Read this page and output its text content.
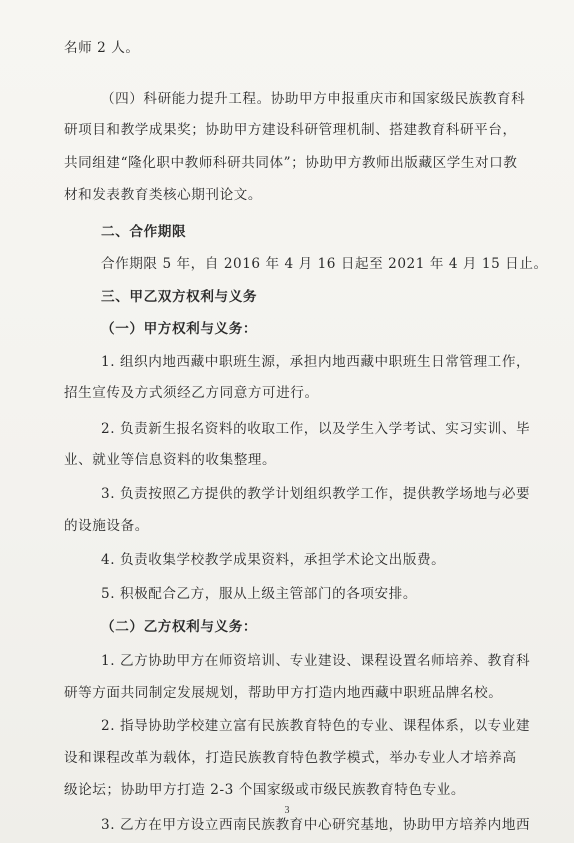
名师 2 人。
（四）科研能力提升工程。协助甲方申报重庆市和国家级民族教育科
研项目和教学成果奖；协助甲方建设科研管理机制、搭建教育科研平台，
共同组建“隆化职中教师科研共同体”；协助甲方教师出版藏区学生对口教
材和发表教育类核心期刊论文。
二、合作期限
合作期限 5 年，自 2016 年 4 月 16 日起至 2021 年 4 月 15 日止。
三、甲乙双方权利与义务
（一）甲方权利与义务：
1. 组织内地西藏中职班生源，承担内地西藏中职班生日常管理工作，
招生宣传及方式须经乙方同意方可进行。
2. 负责新生报名资料的收取工作，以及学生入学考试、实习实训、毕
业、就业等信息资料的收集整理。
3. 负责按照乙方提供的教学计划组织教学工作，提供教学场地与必要
的设施设备。
4. 负责收集学校教学成果资料，承担学术论文出版费。
5. 积极配合乙方，服从上级主管部门的各项安排。
（二）乙方权利与义务：
1. 乙方协助甲方在师资培训、专业建设、课程设置名师培养、教育科
研等方面共同制定发展规划，帮助甲方打造内地西藏中职班品牌名校。
2. 指导协助学校建立富有民族教育特色的专业、课程体系，以专业建
设和课程改革为载体，打造民族教育特色教学模式，举办专业人才培养高
级论坛；协助甲方打造 2-3 个国家级或市级民族教育特色专业。
3. 乙方在甲方设立西南民族教育中心研究基地，协助甲方培养内地西
3
